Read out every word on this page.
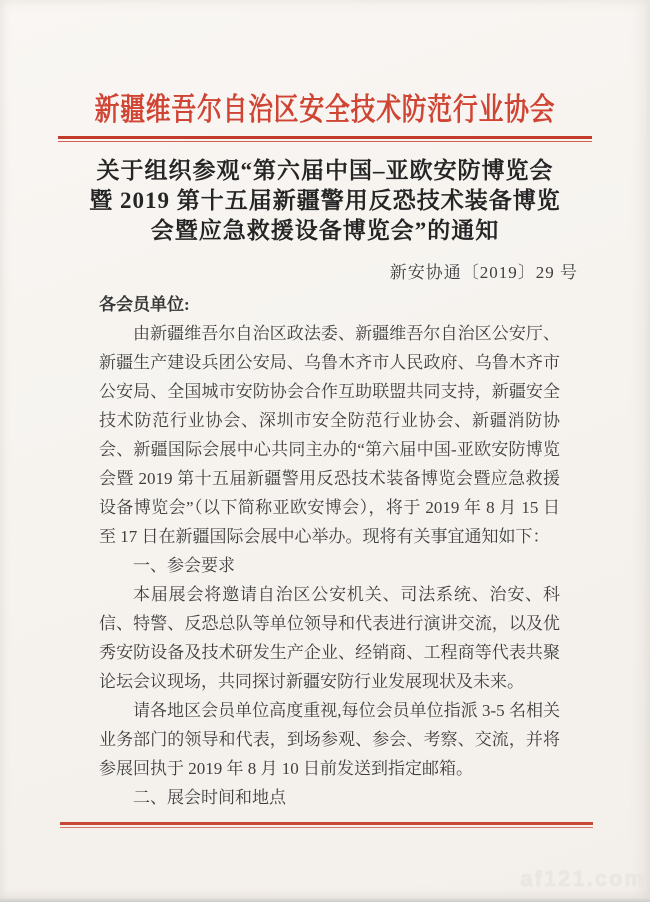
新疆维吾尔自治区安全技术防范行业协会
关于组织参观“第六届中国–亚欧安防博览会
暨 2019 第十五届新疆警用反恐技术装备博览
会暨应急救援设备博览会”的通知
新安协通〔2019〕29 号

各会员单位:

由新疆维吾尔自治区政法委、新疆维吾尔自治区公安厅、新疆生产建设兵团公安局、乌鲁木齐市人民政府、乌鲁木齐市公安局、全国城市安防协会合作互助联盟共同支持，新疆安全技术防范行业协会、深圳市安全防范行业协会、新疆消防协会、新疆国际会展中心共同主办的“第六届中国-亚欧安防博览会暨 2019 第十五届新疆警用反恐技术装备博览会暨应急救援设备博览会”（以下简称亚欧安博会），将于 2019 年 8 月 15 日至 17 日在新疆国际会展中心举办。现将有关事宜通知如下：

一、参会要求

本届展会将邀请自治区公安机关、司法系统、治安、科信、特警、反恐总队等单位领导和代表进行演讲交流，以及优秀安防设备及技术研发生产企业、经销商、工程商等代表共聚论坛会议现场，共同探讨新疆安防行业发展现状及未来。

请各地区会员单位高度重视,每位会员单位指派 3-5 名相关业务部门的领导和代表，到场参观、参会、考察、交流，并将参展回执于 2019 年 8 月 10 日前发送到指定邮箱。

二、展会时间和地点

af121.com
